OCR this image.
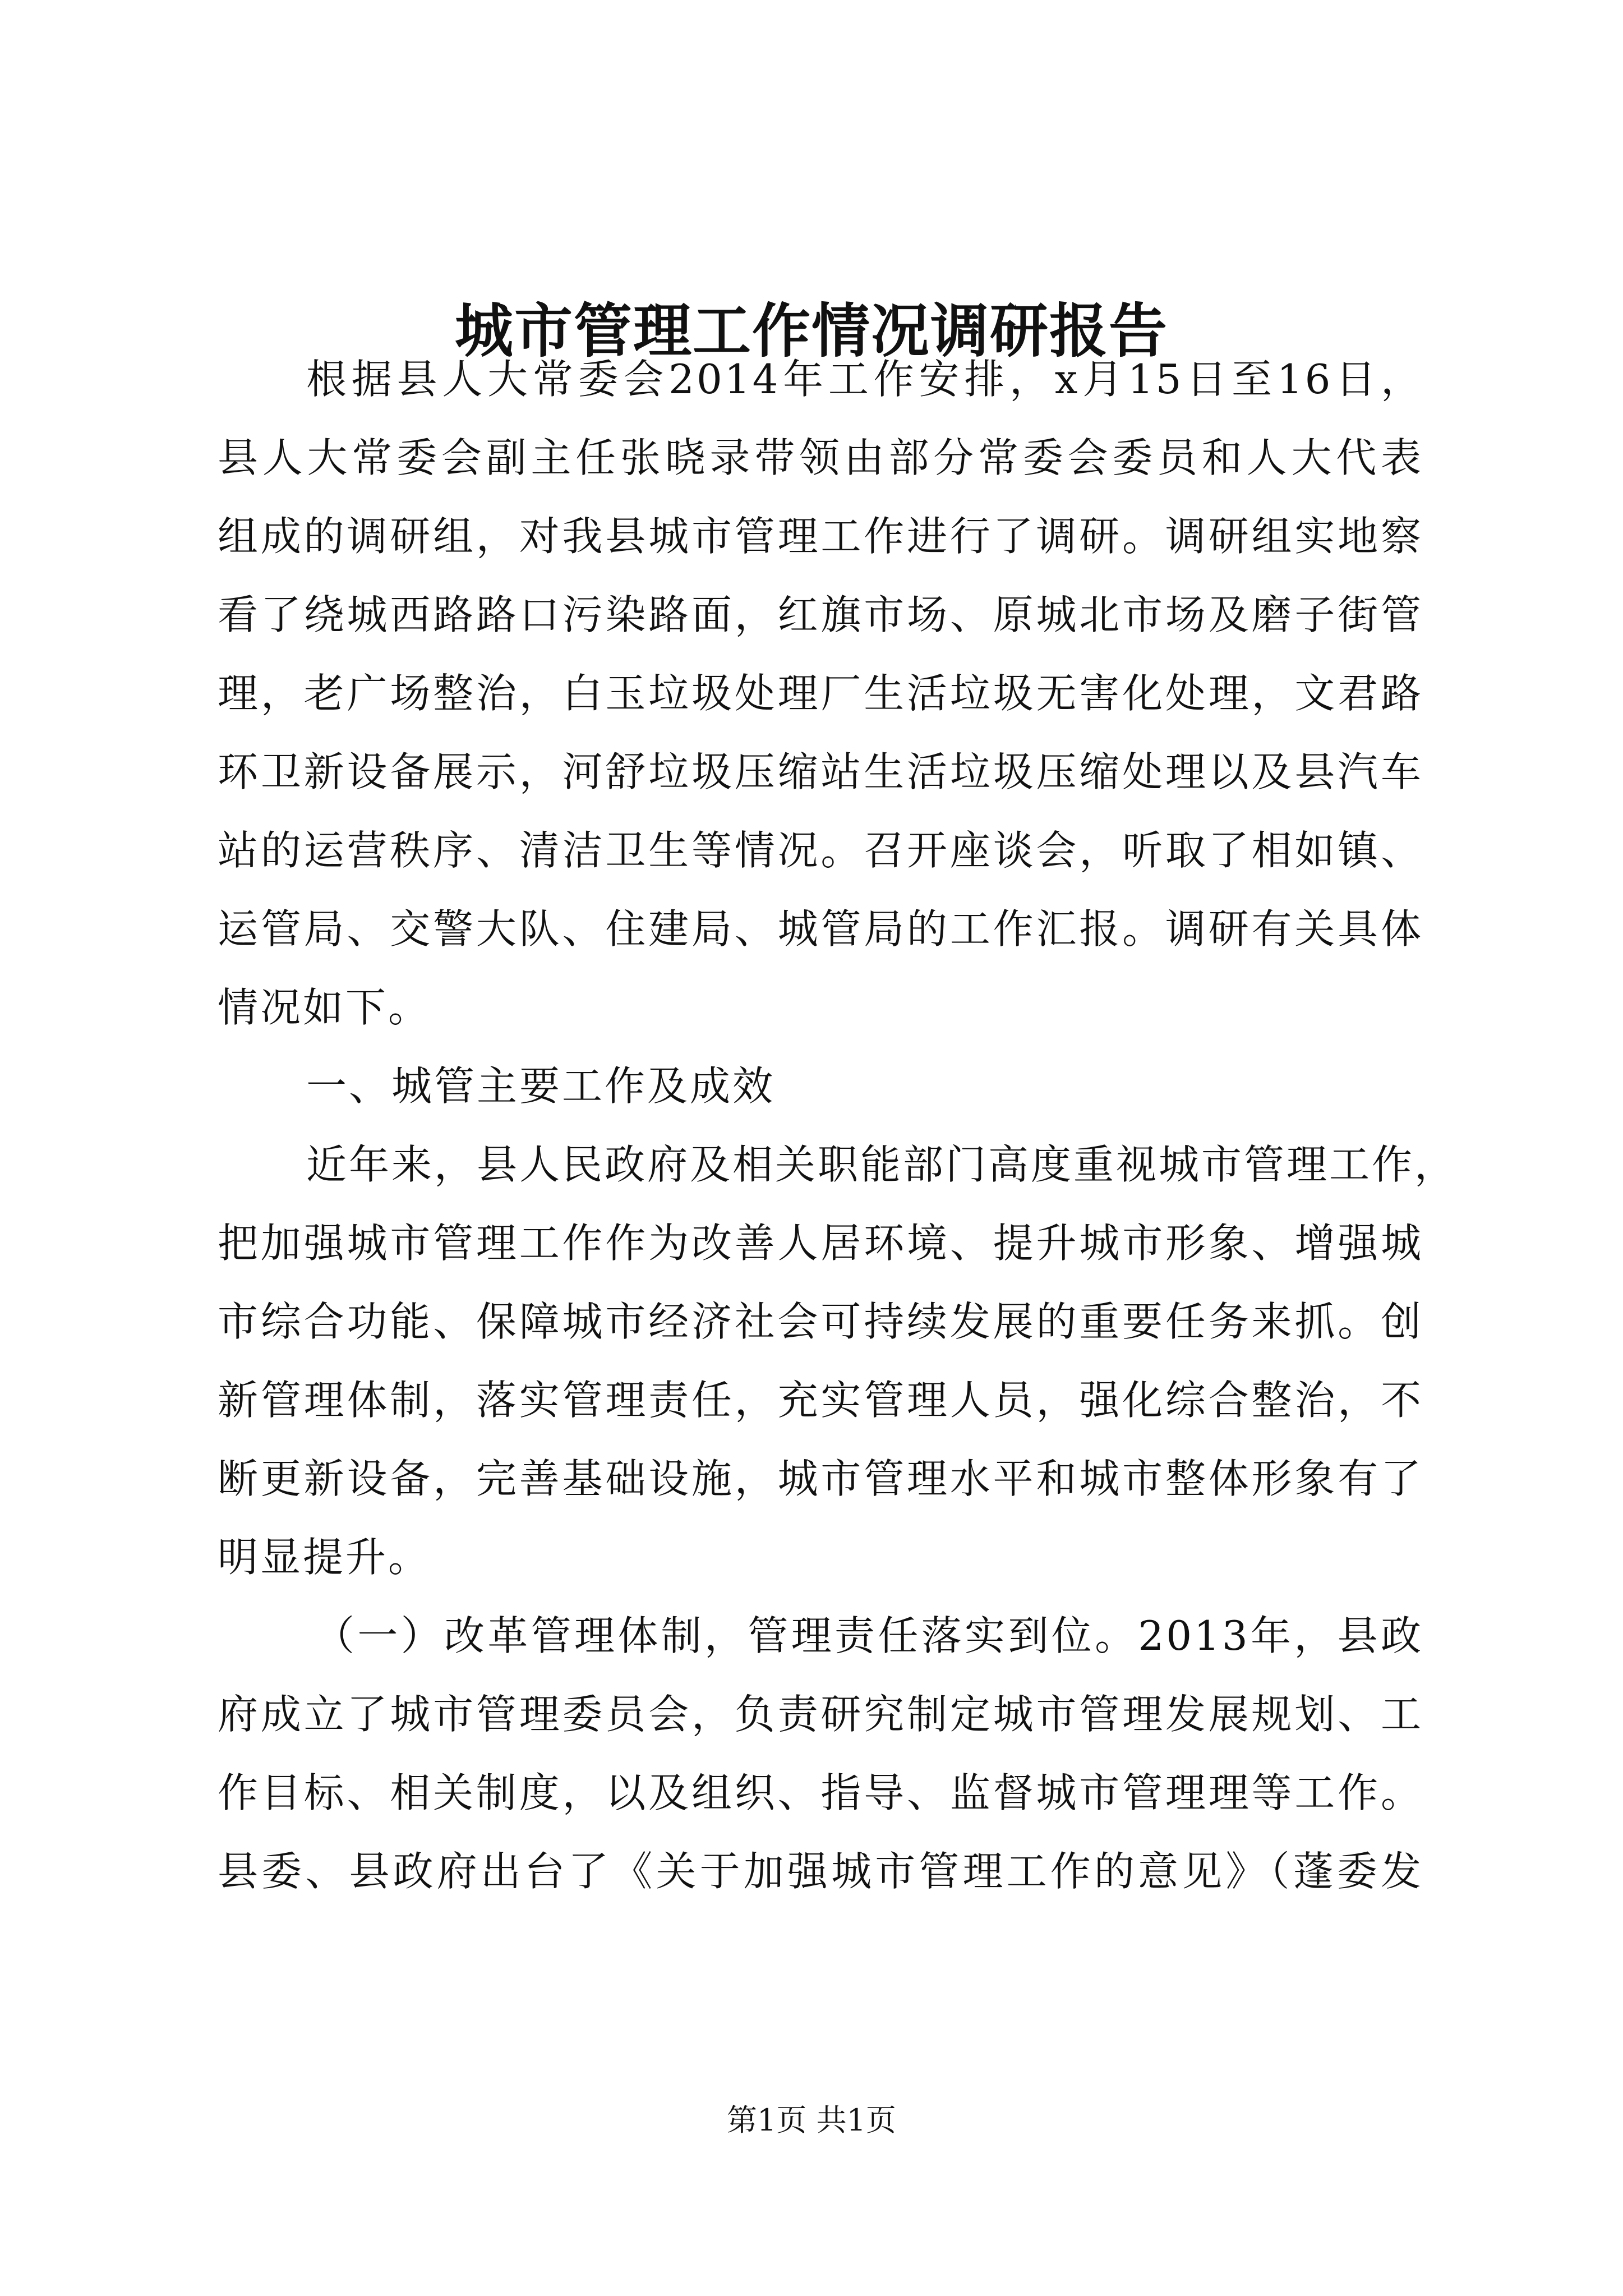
城市管理工作情况调研报告
根据县人大常委会2014年工作安排，x月15日至16日，
县人大常委会副主任张晓录带领由部分常委会委员和人大代表
组成的调研组，对我县城市管理工作进行了调研。调研组实地察
看了绕城西路路口污染路面，红旗市场、原城北市场及磨子街管
理，老广场整治，白玉垃圾处理厂生活垃圾无害化处理，文君路
环卫新设备展示，河舒垃圾压缩站生活垃圾压缩处理以及县汽车
站的运营秩序、清洁卫生等情况。召开座谈会，听取了相如镇、
运管局、交警大队、住建局、城管局的工作汇报。调研有关具体
情况如下。
一、城管主要工作及成效
近年来，县人民政府及相关职能部门高度重视城市管理工作，
把加强城市管理工作作为改善人居环境、提升城市形象、增强城
市综合功能、保障城市经济社会可持续发展的重要任务来抓。创
新管理体制，落实管理责任，充实管理人员，强化综合整治，不
断更新设备，完善基础设施，城市管理水平和城市整体形象有了
明显提升。
（一）改革管理体制，管理责任落实到位。2013年，县政
府成立了城市管理委员会，负责研究制定城市管理发展规划、工
作目标、相关制度，以及组织、指导、监督城市管理理等工作。
县委、县政府出台了《关于加强城市管理工作的意见》（蓬委发
第1页 共1页
